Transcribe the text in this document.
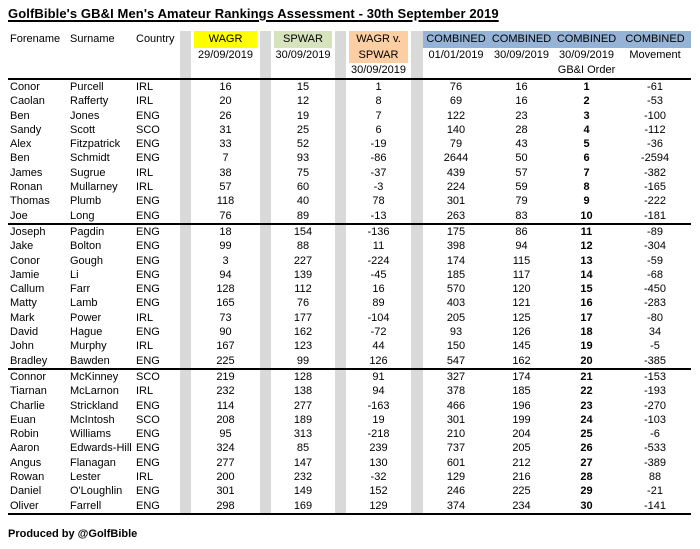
GolfBible's GB&I Men's Amateur Rankings Assessment - 30th September 2019
Forename	Surname	Country		WAGR		SPWAR		WAGR v.		COMBINED	COMBINED	COMBINED	COMBINED
				29/09/2019		30/09/2019		SPWAR		01/01/2019	30/09/2019	30/09/2019	Movement
								30/09/2019				GB&I Order	
Conor	Purcell	IRL		16		15		1		76	16	1	-61
Caolan	Rafferty	IRL		20		12		8		69	16	2	-53
Ben	Jones	ENG		26		19		7		122	23	3	-100
Sandy	Scott	SCO		31		25		6		140	28	4	-112
Alex	Fitzpatrick	ENG		33		52		-19		79	43	5	-36
Ben	Schmidt	ENG		7		93		-86		2644	50	6	-2594
James	Sugrue	IRL		38		75		-37		439	57	7	-382
Ronan	Mullarney	IRL		57		60		-3		224	59	8	-165
Thomas	Plumb	ENG		118		40		78		301	79	9	-222
Joe	Long	ENG		76		89		-13		263	83	10	-181
Joseph	Pagdin	ENG		18		154		-136		175	86	11	-89
Jake	Bolton	ENG		99		88		11		398	94	12	-304
Conor	Gough	ENG		3		227		-224		174	115	13	-59
Jamie	Li	ENG		94		139		-45		185	117	14	-68
Callum	Farr	ENG		128		112		16		570	120	15	-450
Matty	Lamb	ENG		165		76		89		403	121	16	-283
Mark	Power	IRL		73		177		-104		205	125	17	-80
David	Hague	ENG		90		162		-72		93	126	18	34
John	Murphy	IRL		167		123		44		150	145	19	-5
Bradley	Bawden	ENG		225		99		126		547	162	20	-385
Connor	McKinney	SCO		219		128		91		327	174	21	-153
Tiarnan	McLarnon	IRL		232		138		94		378	185	22	-193
Charlie	Strickland	ENG		114		277		-163		466	196	23	-270
Euan	McIntosh	SCO		208		189		19		301	199	24	-103
Robin	Williams	ENG		95		313		-218		210	204	25	-6
Aaron	Edwards-Hill	ENG		324		85		239		737	205	26	-533
Angus	Flanagan	ENG		277		147		130		601	212	27	-389
Rowan	Lester	IRL		200		232		-32		129	216	28	88
Daniel	O'Loughlin	ENG		301		149		152		246	225	29	-21
Oliver	Farrell	ENG		298		169		129		374	234	30	-141
Produced by @GolfBible
